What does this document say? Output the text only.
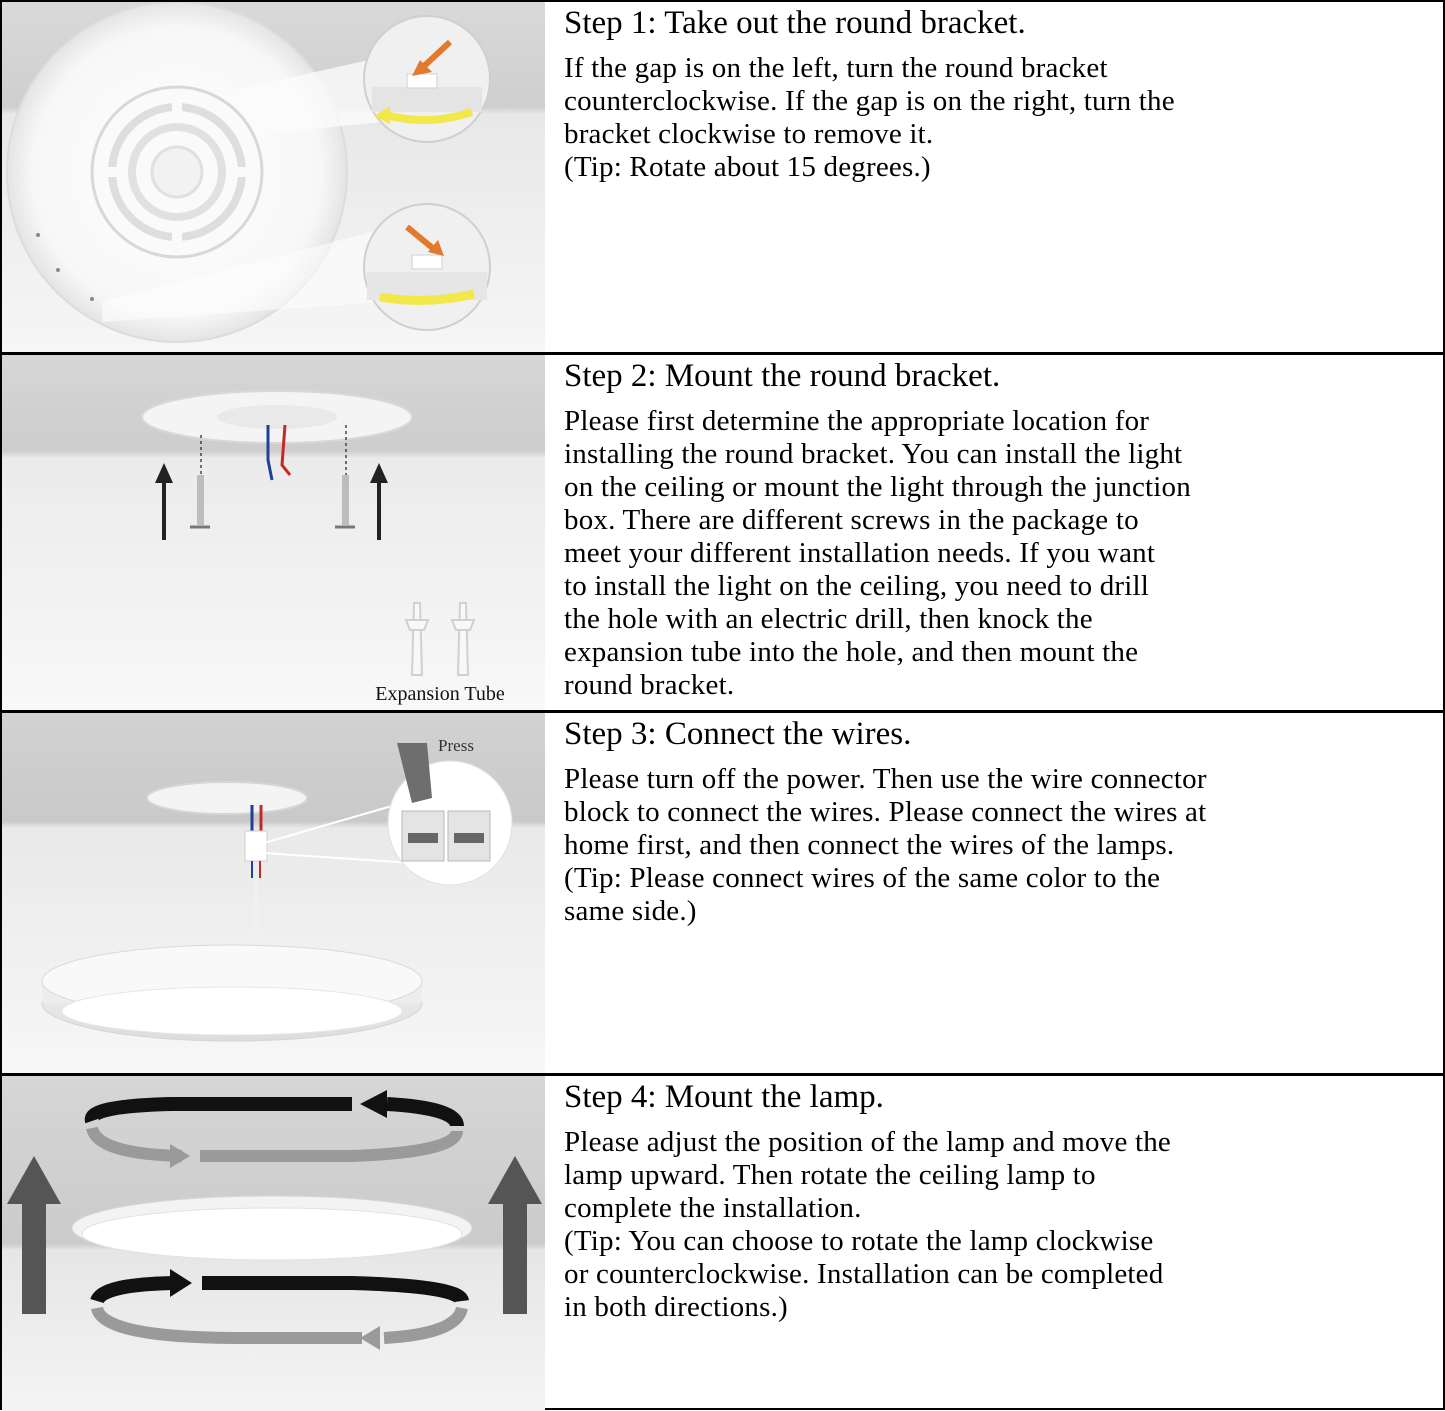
Step 1: Take out the round bracket.

If the gap is on the left, turn the round bracket
counterclockwise. If the gap is on the right, turn the
bracket clockwise to remove it.
(Tip: Rotate about 15 degrees.)

Expansion Tube
Step 2: Mount the round bracket.

Please first determine the appropriate location for
installing the round bracket. You can install the light
on the ceiling or mount the light through the junction
box. There are different screws in the package to
meet your different installation needs. If you want
to install the light on the ceiling, you need to drill
the hole with an electric drill, then knock the
expansion tube into the hole, and then mount the
round bracket.

Press	Step 3: Connect the wires.

Please turn off the power. Then use the wire connector
block to connect the wires. Please connect the wires at
home first, and then connect the wires of the lamps.
(Tip: Please connect wires of the same color to the
same side.)

Step 4: Mount the lamp.

Please adjust the position of the lamp and move the
lamp upward. Then rotate the ceiling lamp to
complete the installation.
(Tip: You can choose to rotate the lamp clockwise
or counterclockwise. Installation can be completed
in both directions.)
